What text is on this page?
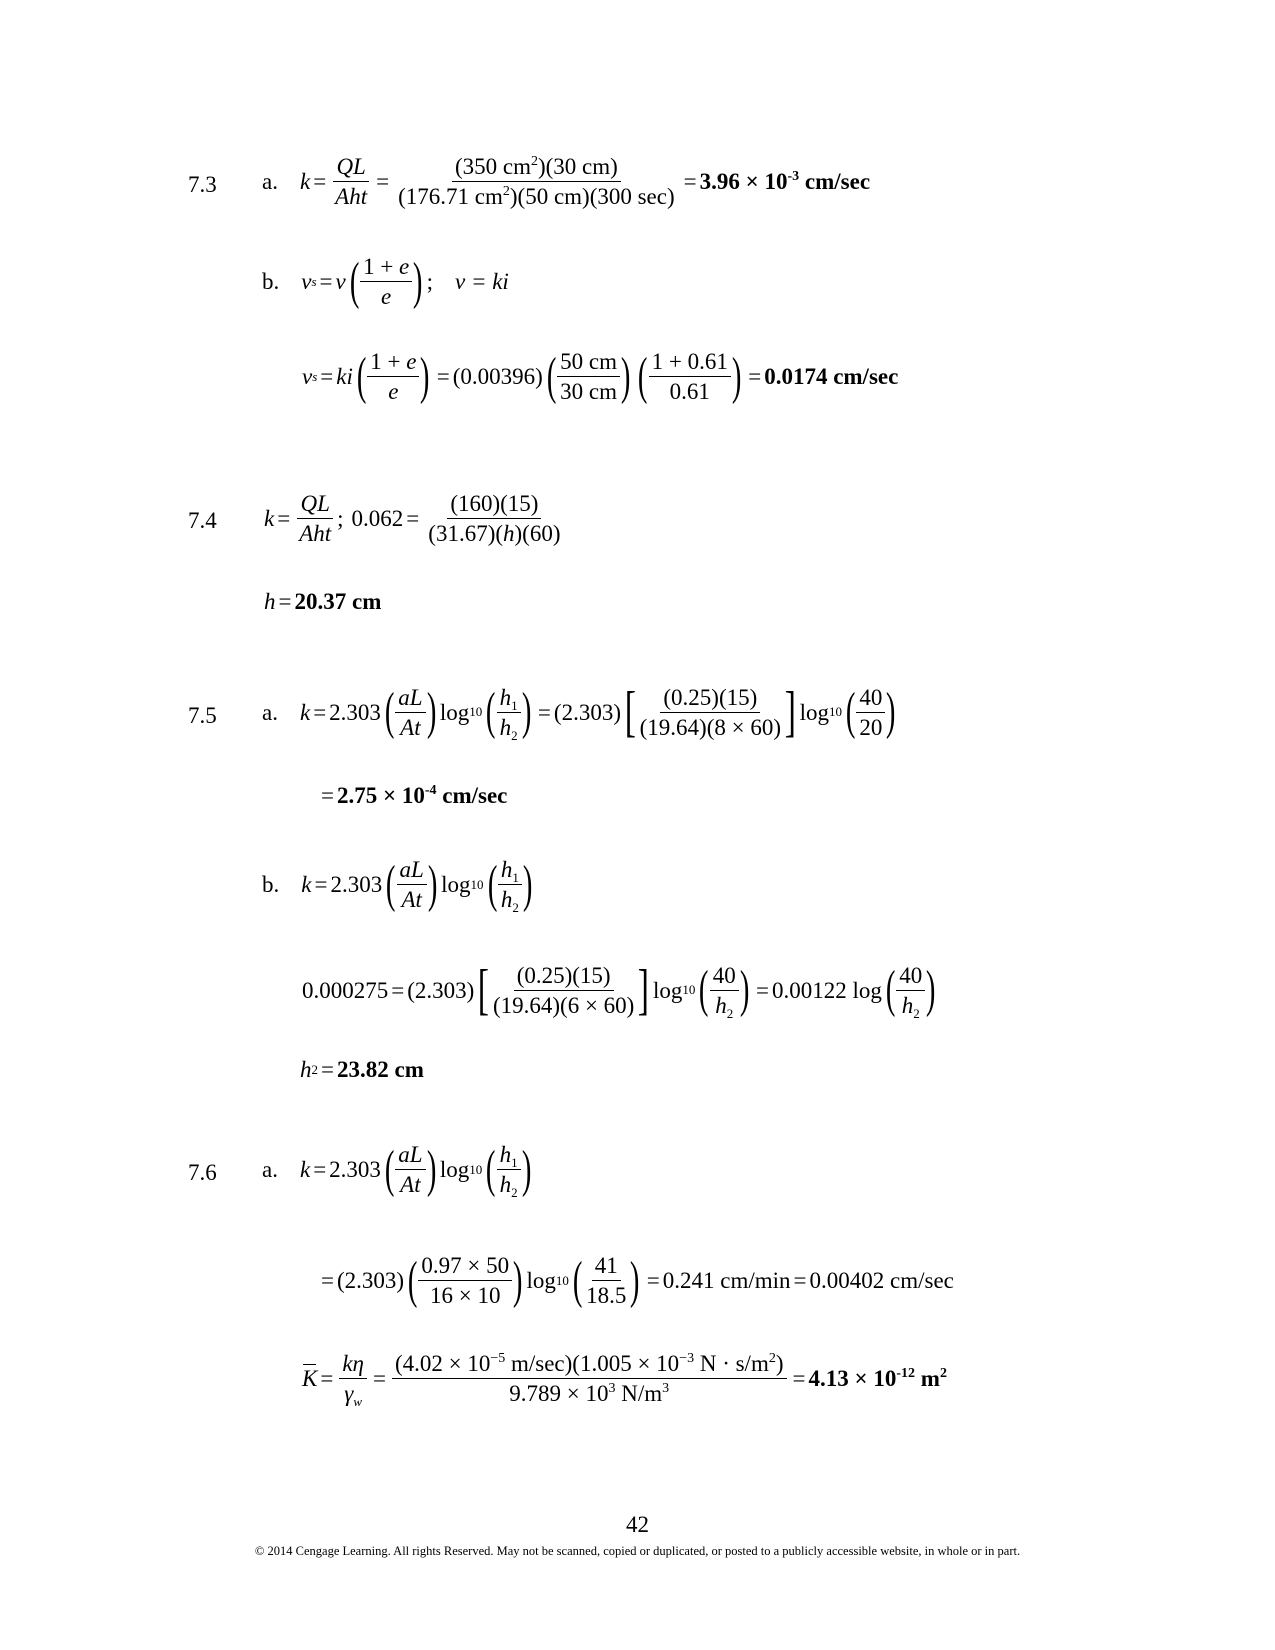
7.3 a. $k = \frac{QL}{\text{Aht}} = \frac{(350 cm^2)(30 cm)}{(176.71 cm^2)(50 cm)(300 \sec)} = 3.96 \times 10^{-3}$ cm/sec
b. v s = v ( $\frac{1 + e}{e}$ ) ; v = ki
v s = ki ( $\frac{1 + e}{e}$ ) = (0.00396) ( $\frac{50 cm}{30 cm}$ ) ( $\frac{1 + 0.61}{0.61}$ ) = 0.0174 cm/sec
7.4 $k = \frac{QL}{\text{Aht}}$ ; $0.062 = \frac{(160)(15)}{(31.67)(h)(60)}$
h = 20.37 cm
7.5 a. k = 2.303 ( $\frac{aL}{At}$ ) log 10 ( $\frac{h_1}{h_2}$ ) = (2.303) [ $\frac{(0.25)(15)}{(19.64)(8 \times 60)}$ ] log 10 ( $\frac{40}{20}$ )
= $2.75 \times 10^{-4}$ cm/sec
b. k = 2.303 ( $\frac{aL}{At}$ ) log 10 ( $\frac{h_1}{h_2}$ )
0.000275 = (2.303) [ $\frac{(0.25)(15)}{(19.64)(6 \times 60)}$ ] log 10 ( $\frac{40}{h_2}$ ) = 0.00122 log ( $\frac{40}{h_2}$ )
h 2 = 23.82 cm
7.6 a. k = 2.303 ( $\frac{aL}{At}$ ) log 10 ( $\frac{h_1}{h_2}$ )
= (2.303) ( $\frac{0.97 \times 50}{16 \times 10}$ ) log 10 ( $\frac{41}{18.5}$ ) = 0.241 cm/min = 0.00402 cm/sec
$K = \frac{k\eta}{\gamma_w} = \frac{(4.02 \times 10^{-5} m/\sec)(1.005 \times 10^{-3} N \cdot s/m^2)}{9.789 \times 10^3 N/m^3} = 4.13 \times 10^{-12}$ $m^2$
42
© 2014 Cengage Learning. All rights Reserved. May not be scanned, copied or duplicated, or posted to a publicly accessible website, in whole or in part.
